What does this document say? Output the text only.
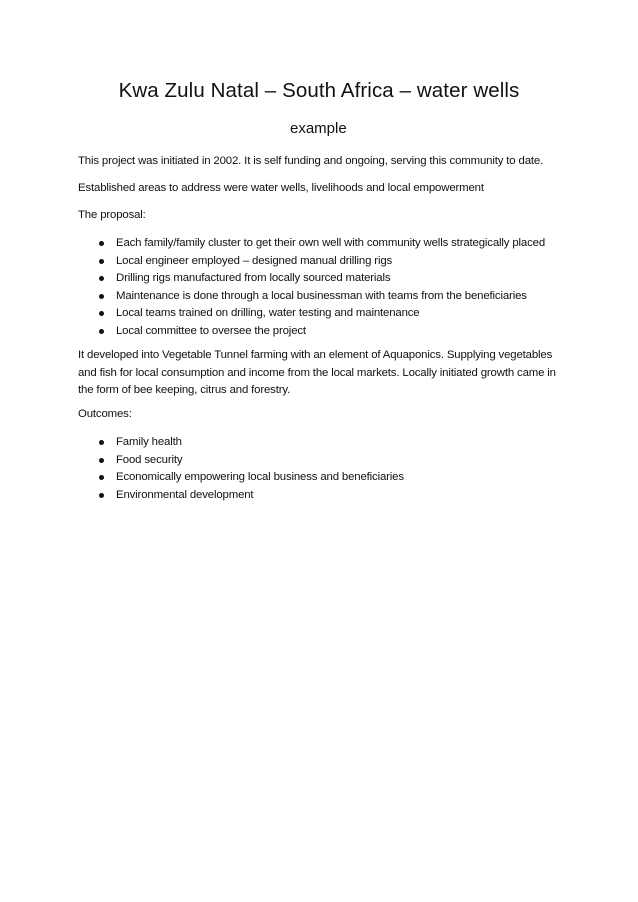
Kwa Zulu Natal – South Africa – water wells
example
This project was initiated in 2002. It is self funding and ongoing, serving this community to date.
Established areas to address were water wells, livelihoods and local empowerment
The proposal:
Each family/family cluster to get their own well with community wells strategically placed
Local engineer employed – designed manual drilling rigs
Drilling rigs manufactured from locally sourced materials
Maintenance is done through a local businessman with teams from the beneficiaries
Local teams trained on drilling, water testing and maintenance
Local committee to oversee the project
It developed into Vegetable Tunnel farming with an element of Aquaponics. Supplying vegetables and fish for local consumption and income from the local markets. Locally initiated growth came in the form of bee keeping, citrus and forestry.
Outcomes:
Family health
Food security
Economically empowering local business and beneficiaries
Environmental development
